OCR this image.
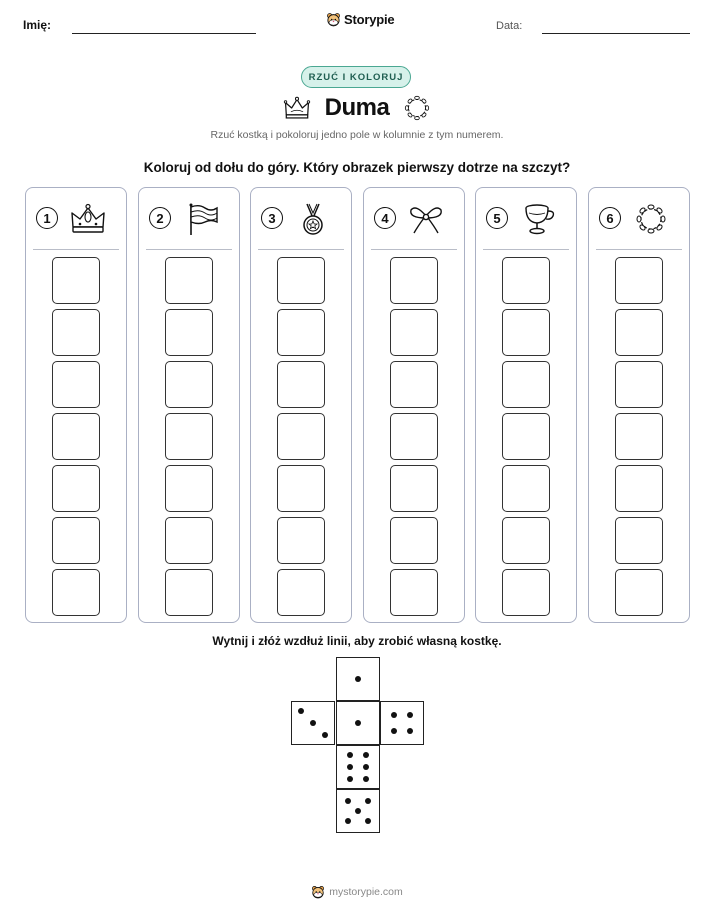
Imię:	Storypie	Data:
RZUĆ I KOLORUJ
Duma
Rzuć kostką i pokoloruj jedno pole w kolumnie z tym numerem.
Koloruj od dołu do góry. Który obrazek pierwszy dotrze na szczyt?
1	2	3	4	5	6
Wytnij i złóż wzdłuż linii, aby zrobić własną kostkę.
mystorypie.com
